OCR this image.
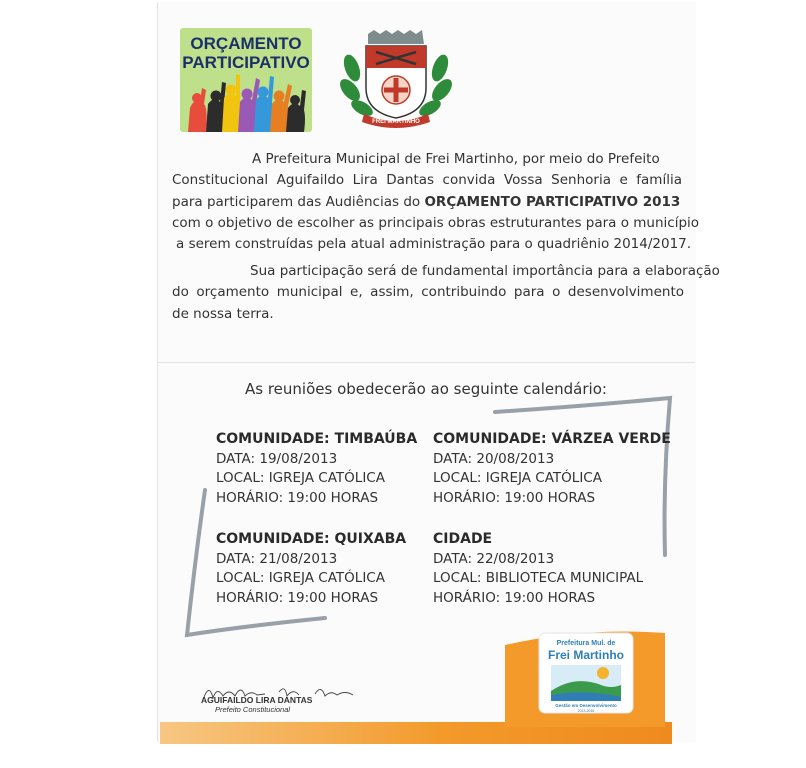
ORÇAMENTO
PARTICIPATIVO
FREI MARTINHO
A Prefeitura Municipal de Frei Martinho, por meio do Prefeito
Constitucional Aguifaildo Lira Dantas convida Vossa Senhoria e família
para participarem das Audiências do ORÇAMENTO PARTICIPATIVO 2013
com o objetivo de escolher as principais obras estruturantes para o município
a serem construídas pela atual administração para o quadriênio 2014/2017.
Sua participação será de fundamental importância para a elaboração
do orçamento municipal e, assim, contribuindo para o desenvolvimento
de nossa terra.
As reuniões obedecerão ao seguinte calendário:
COMUNIDADE: TIMBAÚBA
DATA: 19/08/2013
LOCAL: IGREJA CATÓLICA
HORÁRIO: 19:00 HORAS
COMUNIDADE: VÁRZEA VERDE
DATA: 20/08/2013
LOCAL: IGREJA CATÓLICA
HORÁRIO: 19:00 HORAS
COMUNIDADE: QUIXABA
DATA: 21/08/2013
LOCAL: IGREJA CATÓLICA
HORÁRIO: 19:00 HORAS
CIDADE
DATA: 22/08/2013
LOCAL: BIBLIOTECA MUNICIPAL
HORÁRIO: 19:00 HORAS
Prefeitura Mul. de
Frei Martinho
Gestão em Desenvolvimento
2013-2016
AGUIFAILDO LIRA DANTAS
Prefeito Constitucional
